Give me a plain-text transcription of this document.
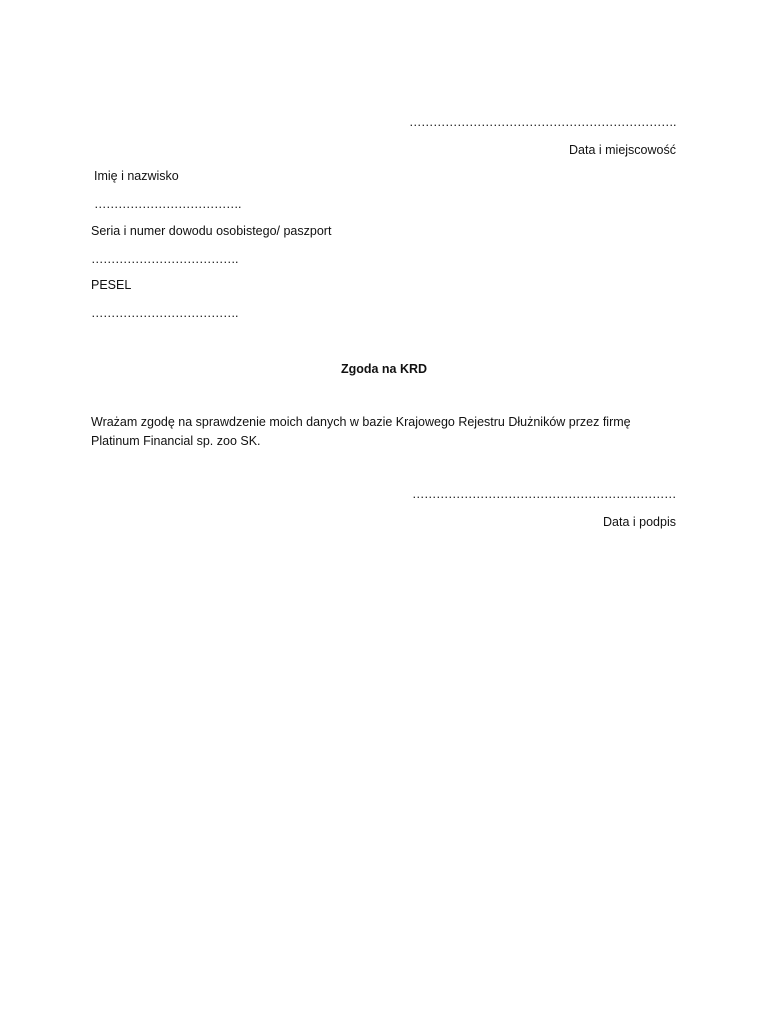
………………………………………………………….
Data i miejscowość
Imię i nazwisko
……………………………….
Seria i numer dowodu osobistego/ paszport
……………………………….
PESEL
……………………………….
Zgoda na KRD
Wrażam zgodę na sprawdzenie moich danych w bazie Krajowego Rejestru Dłużników przez firmę Platinum Financial sp. zoo SK.
…………………………………………………………
Data i podpis
